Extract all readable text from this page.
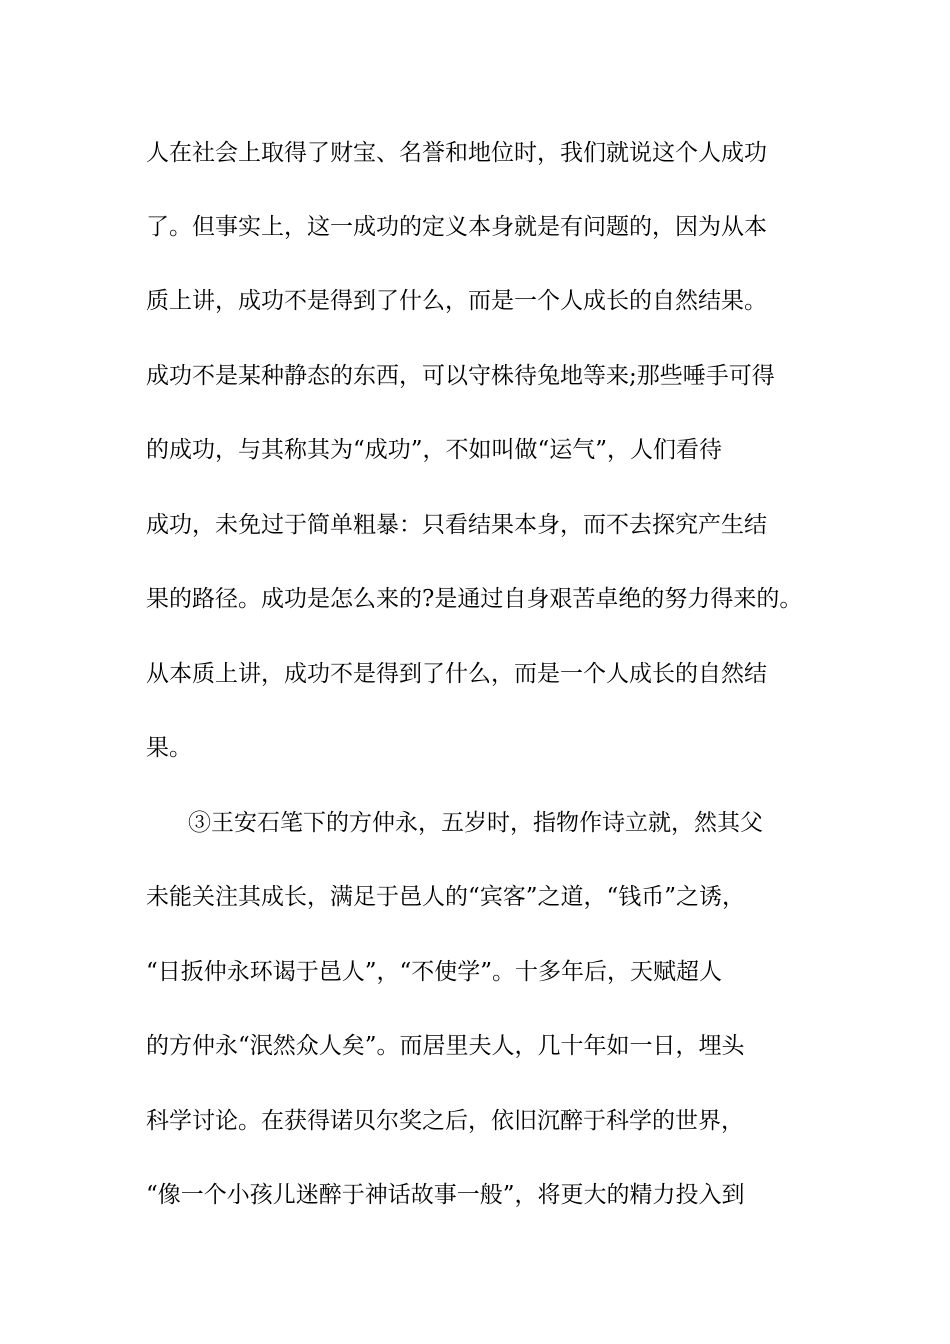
人在社会上取得了财宝、名誉和地位时，我们就说这个人成功

了。但事实上，这一成功的定义本身就是有问题的，因为从本

质上讲，成功不是得到了什么，而是一个人成长的自然结果。

成功不是某种静态的东西，可以守株待兔地等来;那些唾手可得

的成功，与其称其为“成功”，不如叫做“运气”，人们看待

成功，未免过于简单粗暴：只看结果本身，而不去探究产生结

果的路径。成功是怎么来的?是通过自身艰苦卓绝的努力得来的。

从本质上讲，成功不是得到了什么，而是一个人成长的自然结

果。

③王安石笔下的方仲永，五岁时，指物作诗立就，然其父

未能关注其成长，满足于邑人的“宾客”之道，“钱币”之诱，

“日扳仲永环谒于邑人”，“不使学”。十多年后，天赋超人

的方仲永“泯然众人矣”。而居里夫人，几十年如一日，埋头

科学讨论。在获得诺贝尔奖之后，依旧沉醉于科学的世界，

“像一个小孩儿迷醉于神话故事一般”，将更大的精力投入到
